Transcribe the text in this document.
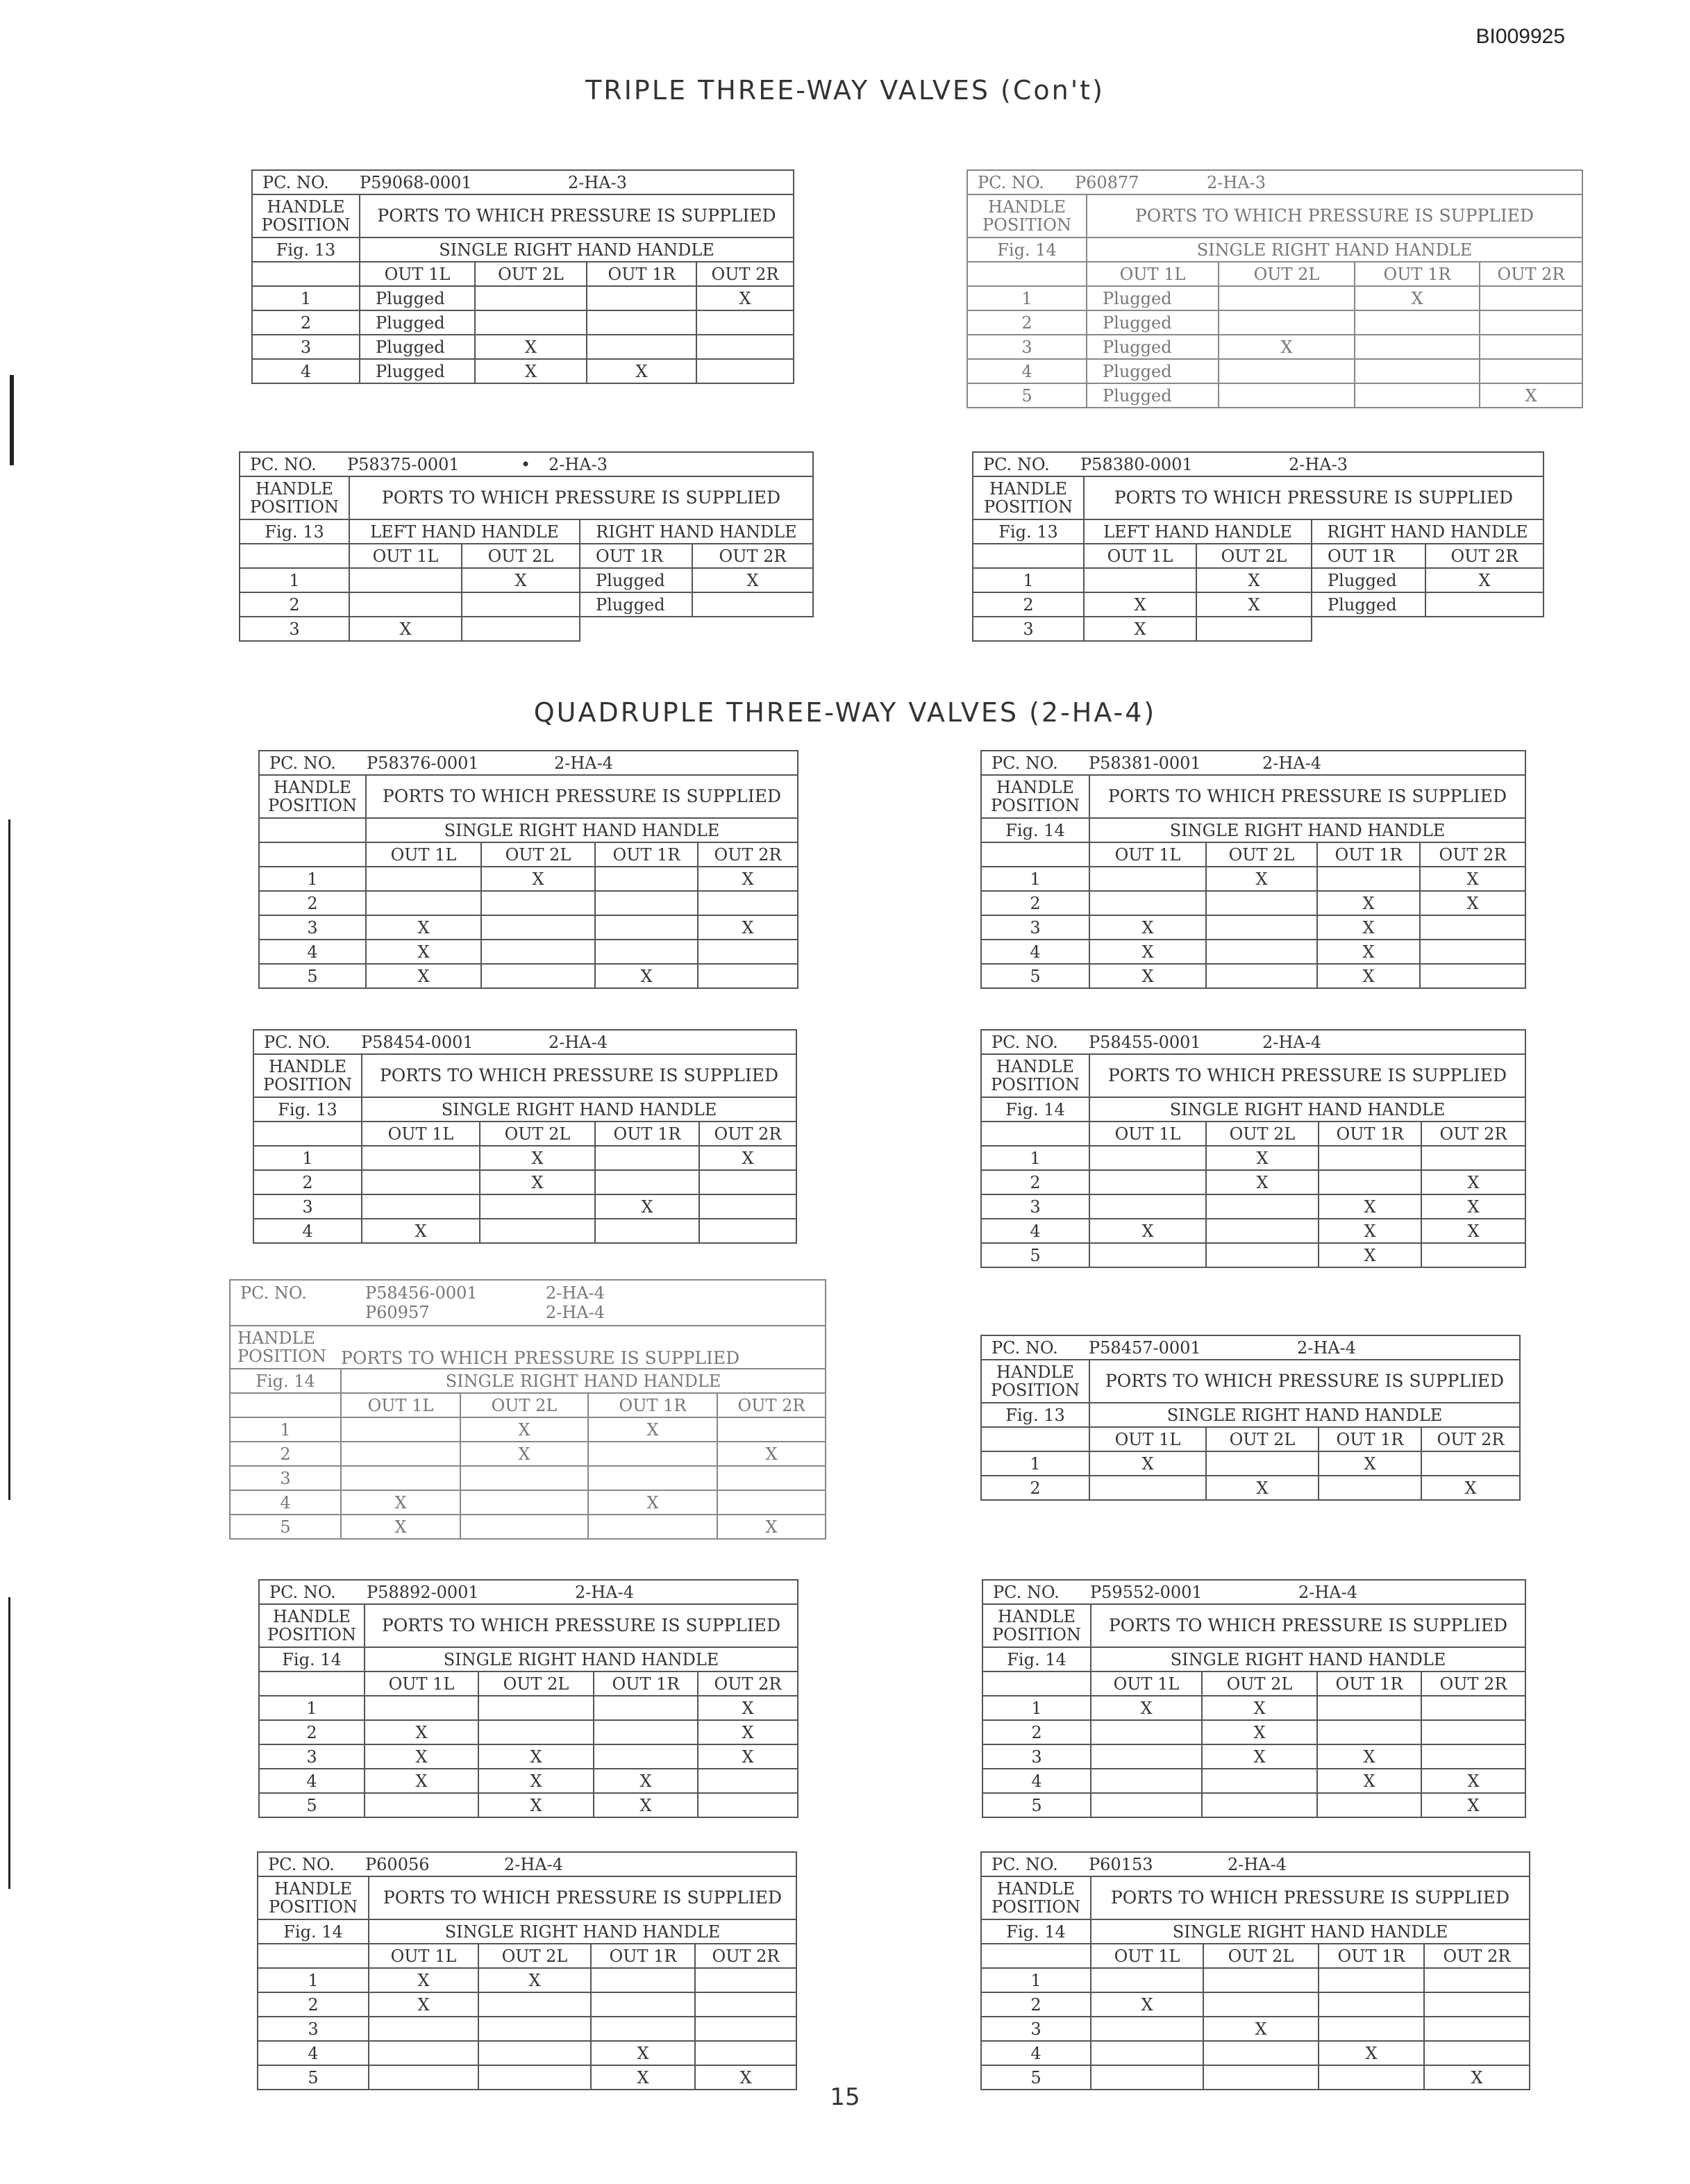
BI009925
TRIPLE THREE-WAY VALVES (Con't)
QUADRUPLE THREE-WAY VALVES (2-HA-4)
15
PC. NO. P59068-0001 2-HA-3				

HANDLE
POSITION	PORTS TO WHICH PRESSURE IS SUPPLIED			
Fig. 13	SINGLE RIGHT HAND HANDLE			
	OUT 1L	OUT 2L	OUT 1R	OUT 2R
1	Plugged			X
2	Plugged			
3	Plugged	X		
4	Plugged	X	X	
PC. NO. P60877 2-HA-3				

HANDLE
POSITION	PORTS TO WHICH PRESSURE IS SUPPLIED			
Fig. 14	SINGLE RIGHT HAND HANDLE			
	OUT 1L	OUT 2L	OUT 1R	OUT 2R
1	Plugged		X	
2	Plugged			
3	Plugged	X		
4	Plugged			
5	Plugged			X
PC. NO. P58375-0001 • 2-HA-3				

HANDLE
POSITION	PORTS TO WHICH PRESSURE IS SUPPLIED			
Fig. 13	LEFT HAND HANDLE		RIGHT HAND HANDLE	
	OUT 1L	OUT 2L	OUT 1R	OUT 2R
1		X	Plugged	X
2			Plugged	
3	X			
PC. NO. P58380-0001 2-HA-3				

HANDLE
POSITION	PORTS TO WHICH PRESSURE IS SUPPLIED			
Fig. 13	LEFT HAND HANDLE		RIGHT HAND HANDLE	
	OUT 1L	OUT 2L	OUT 1R	OUT 2R
1		X	Plugged	X
2	X	X	Plugged	
3	X			
PC. NO. P58376-0001 2-HA-4				

HANDLE
POSITION	PORTS TO WHICH PRESSURE IS SUPPLIED			
	SINGLE RIGHT HAND HANDLE			
	OUT 1L	OUT 2L	OUT 1R	OUT 2R
1		X		X
2				
3	X			X
4	X			
5	X		X	
PC. NO. P58381-0001 2-HA-4				

HANDLE
POSITION	PORTS TO WHICH PRESSURE IS SUPPLIED			
Fig. 14	SINGLE RIGHT HAND HANDLE			
	OUT 1L	OUT 2L	OUT 1R	OUT 2R
1		X		X
2			X	X
3	X		X	
4	X		X	
5	X		X	
PC. NO. P58454-0001 2-HA-4				

HANDLE
POSITION	PORTS TO WHICH PRESSURE IS SUPPLIED			
Fig. 13	SINGLE RIGHT HAND HANDLE			
	OUT 1L	OUT 2L	OUT 1R	OUT 2R
1		X		X
2		X		
3			X	
4	X			
PC. NO. P58455-0001 2-HA-4				

HANDLE
POSITION	PORTS TO WHICH PRESSURE IS SUPPLIED			
Fig. 14	SINGLE RIGHT HAND HANDLE			
	OUT 1L	OUT 2L	OUT 1R	OUT 2R
1		X		
2		X		X
3			X	X
4	X		X	X
5			X	
PC. NO. P58456-0001
P60957
2-HA-4
2-HA-4				

HANDLE
POSITION	PORTS TO WHICH PRESSURE IS SUPPLIED			
Fig. 14	SINGLE RIGHT HAND HANDLE			
	OUT 1L	OUT 2L	OUT 1R	OUT 2R
1		X	X	
2		X		X
3				
4	X		X	
5	X			X
PC. NO. P58457-0001 2-HA-4				

HANDLE
POSITION	PORTS TO WHICH PRESSURE IS SUPPLIED			
Fig. 13	SINGLE RIGHT HAND HANDLE			
	OUT 1L	OUT 2L	OUT 1R	OUT 2R
1	X		X	
2		X		X
PC. NO. P58892-0001 2-HA-4				

HANDLE
POSITION	PORTS TO WHICH PRESSURE IS SUPPLIED			
Fig. 14	SINGLE RIGHT HAND HANDLE			
	OUT 1L	OUT 2L	OUT 1R	OUT 2R
1				X
2	X			X
3	X	X		X
4	X	X	X	
5		X	X	
PC. NO. P59552-0001 2-HA-4				

HANDLE
POSITION	PORTS TO WHICH PRESSURE IS SUPPLIED			
Fig. 14	SINGLE RIGHT HAND HANDLE			
	OUT 1L	OUT 2L	OUT 1R	OUT 2R
1	X	X		
2		X		
3		X	X	
4			X	X
5				X
PC. NO. P60056 2-HA-4				

HANDLE
POSITION	PORTS TO WHICH PRESSURE IS SUPPLIED			
Fig. 14	SINGLE RIGHT HAND HANDLE			
	OUT 1L	OUT 2L	OUT 1R	OUT 2R
1	X	X		
2	X			
3				
4			X	
5			X	X
PC. NO. P60153 2-HA-4				

HANDLE
POSITION	PORTS TO WHICH PRESSURE IS SUPPLIED			
Fig. 14	SINGLE RIGHT HAND HANDLE			
	OUT 1L	OUT 2L	OUT 1R	OUT 2R
1				
2	X			
3		X		
4			X	
5				X
